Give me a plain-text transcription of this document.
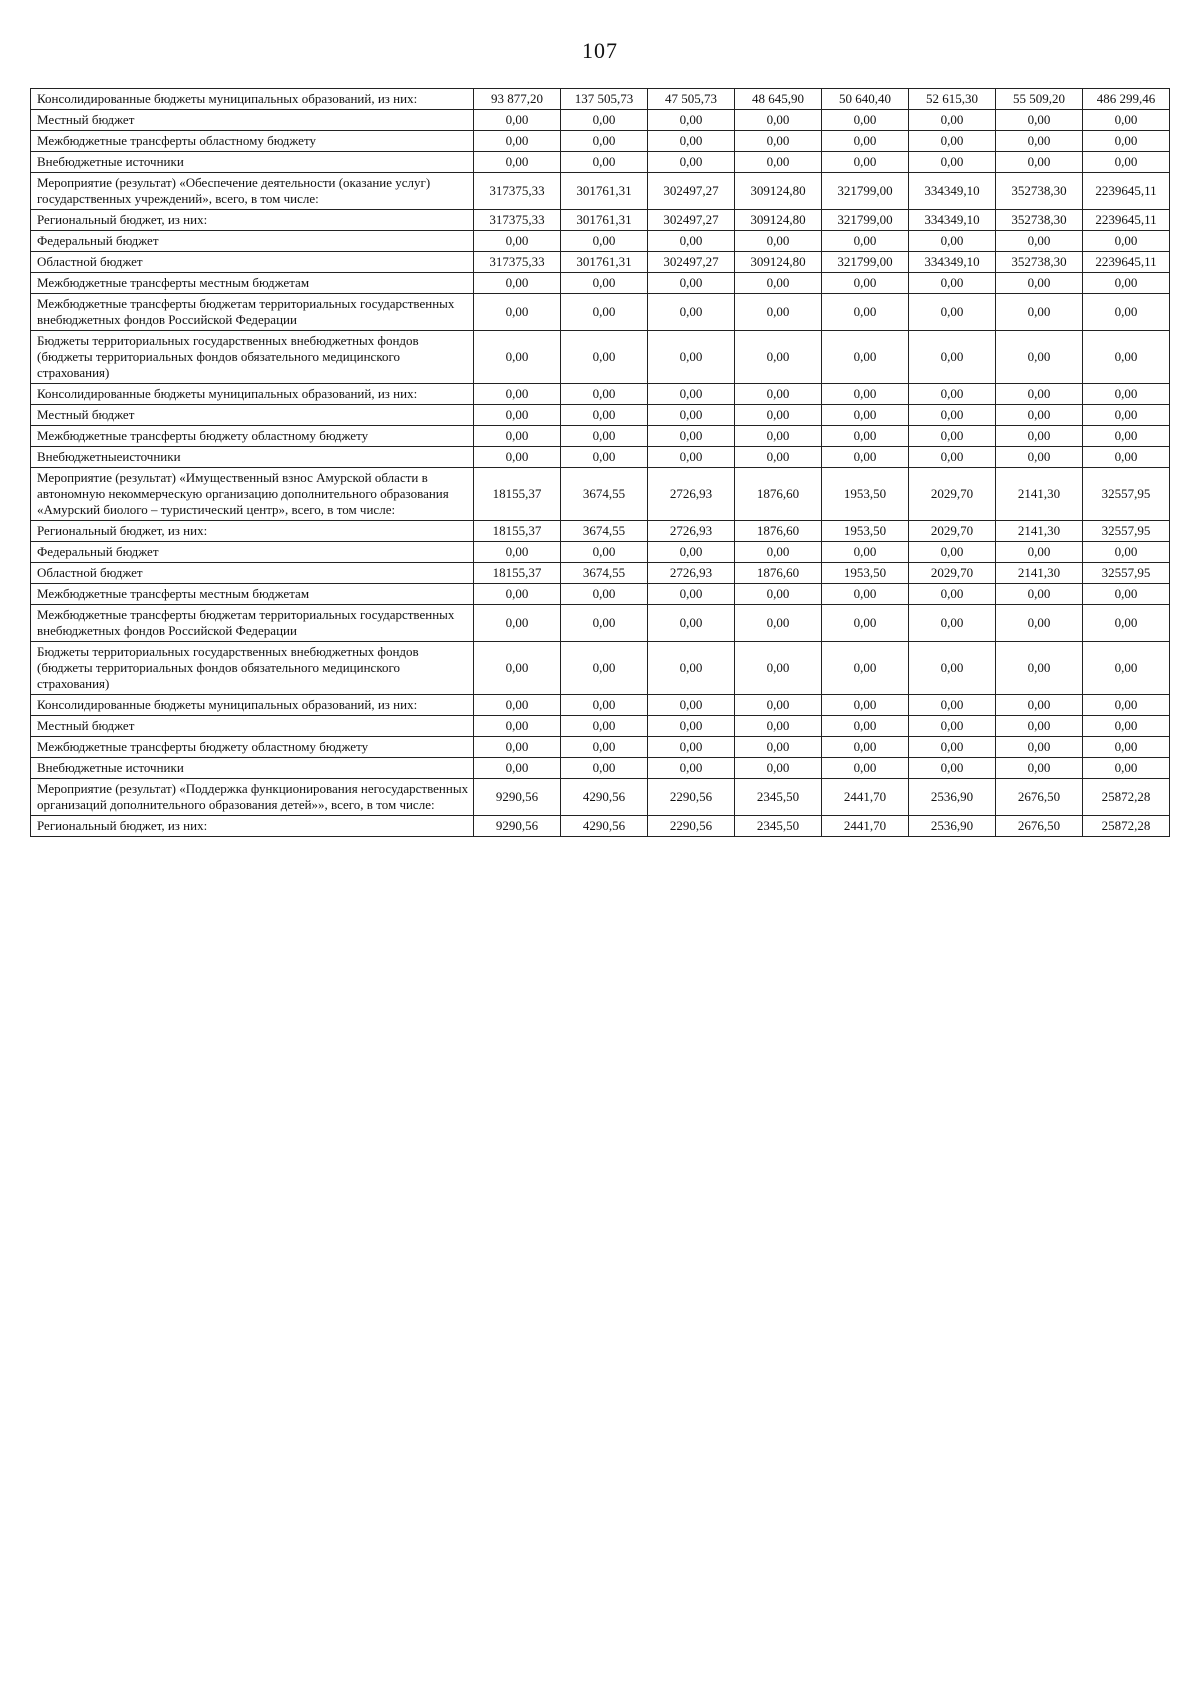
107
Консолидированные бюджеты муниципальных образований, из них:	93 877,20	137 505,73	47 505,73	48 645,90	50 640,40	52 615,30	55 509,20	486 299,46
Местный бюджет	0,00	0,00	0,00	0,00	0,00	0,00	0,00	0,00
Межбюджетные трансферты областному бюджету	0,00	0,00	0,00	0,00	0,00	0,00	0,00	0,00
Внебюджетные источники	0,00	0,00	0,00	0,00	0,00	0,00	0,00	0,00
Мероприятие (результат) «Обеспечение деятельности (оказание услуг) государственных учреждений», всего, в том числе:	317375,33	301761,31	302497,27	309124,80	321799,00	334349,10	352738,30	2239645,11
Региональный бюджет, из них:	317375,33	301761,31	302497,27	309124,80	321799,00	334349,10	352738,30	2239645,11
Федеральный бюджет	0,00	0,00	0,00	0,00	0,00	0,00	0,00	0,00
Областной бюджет	317375,33	301761,31	302497,27	309124,80	321799,00	334349,10	352738,30	2239645,11
Межбюджетные трансферты местным бюджетам	0,00	0,00	0,00	0,00	0,00	0,00	0,00	0,00
Межбюджетные трансферты бюджетам территориальных государственных внебюджетных фондов Российской Федерации	0,00	0,00	0,00	0,00	0,00	0,00	0,00	0,00
Бюджеты территориальных государственных внебюджетных фондов (бюджеты территориальных фондов обязательного медицинского страхования)	0,00	0,00	0,00	0,00	0,00	0,00	0,00	0,00
Консолидированные бюджеты муниципальных образований, из них:	0,00	0,00	0,00	0,00	0,00	0,00	0,00	0,00
Местный бюджет	0,00	0,00	0,00	0,00	0,00	0,00	0,00	0,00
Межбюджетные трансферты бюджету областному бюджету	0,00	0,00	0,00	0,00	0,00	0,00	0,00	0,00
Внебюджетныеисточники	0,00	0,00	0,00	0,00	0,00	0,00	0,00	0,00
Мероприятие (результат) «Имущественный взнос Амурской области в автономную некоммерческую организацию дополнительного образования «Амурский биолого – туристический центр», всего, в том числе:	18155,37	3674,55	2726,93	1876,60	1953,50	2029,70	2141,30	32557,95
Региональный бюджет, из них:	18155,37	3674,55	2726,93	1876,60	1953,50	2029,70	2141,30	32557,95
Федеральный бюджет	0,00	0,00	0,00	0,00	0,00	0,00	0,00	0,00
Областной бюджет	18155,37	3674,55	2726,93	1876,60	1953,50	2029,70	2141,30	32557,95
Межбюджетные трансферты местным бюджетам	0,00	0,00	0,00	0,00	0,00	0,00	0,00	0,00
Межбюджетные трансферты бюджетам территориальных государственных внебюджетных фондов Российской Федерации	0,00	0,00	0,00	0,00	0,00	0,00	0,00	0,00
Бюджеты территориальных государственных внебюджетных фондов (бюджеты территориальных фондов обязательного медицинского страхования)	0,00	0,00	0,00	0,00	0,00	0,00	0,00	0,00
Консолидированные бюджеты муниципальных образований, из них:	0,00	0,00	0,00	0,00	0,00	0,00	0,00	0,00
Местный бюджет	0,00	0,00	0,00	0,00	0,00	0,00	0,00	0,00
Межбюджетные трансферты бюджету областному бюджету	0,00	0,00	0,00	0,00	0,00	0,00	0,00	0,00
Внебюджетные источники	0,00	0,00	0,00	0,00	0,00	0,00	0,00	0,00
Мероприятие (результат) «Поддержка функционирования негосударственных организаций дополнительного образования детей»», всего, в том числе:	9290,56	4290,56	2290,56	2345,50	2441,70	2536,90	2676,50	25872,28
Региональный бюджет, из них:	9290,56	4290,56	2290,56	2345,50	2441,70	2536,90	2676,50	25872,28
